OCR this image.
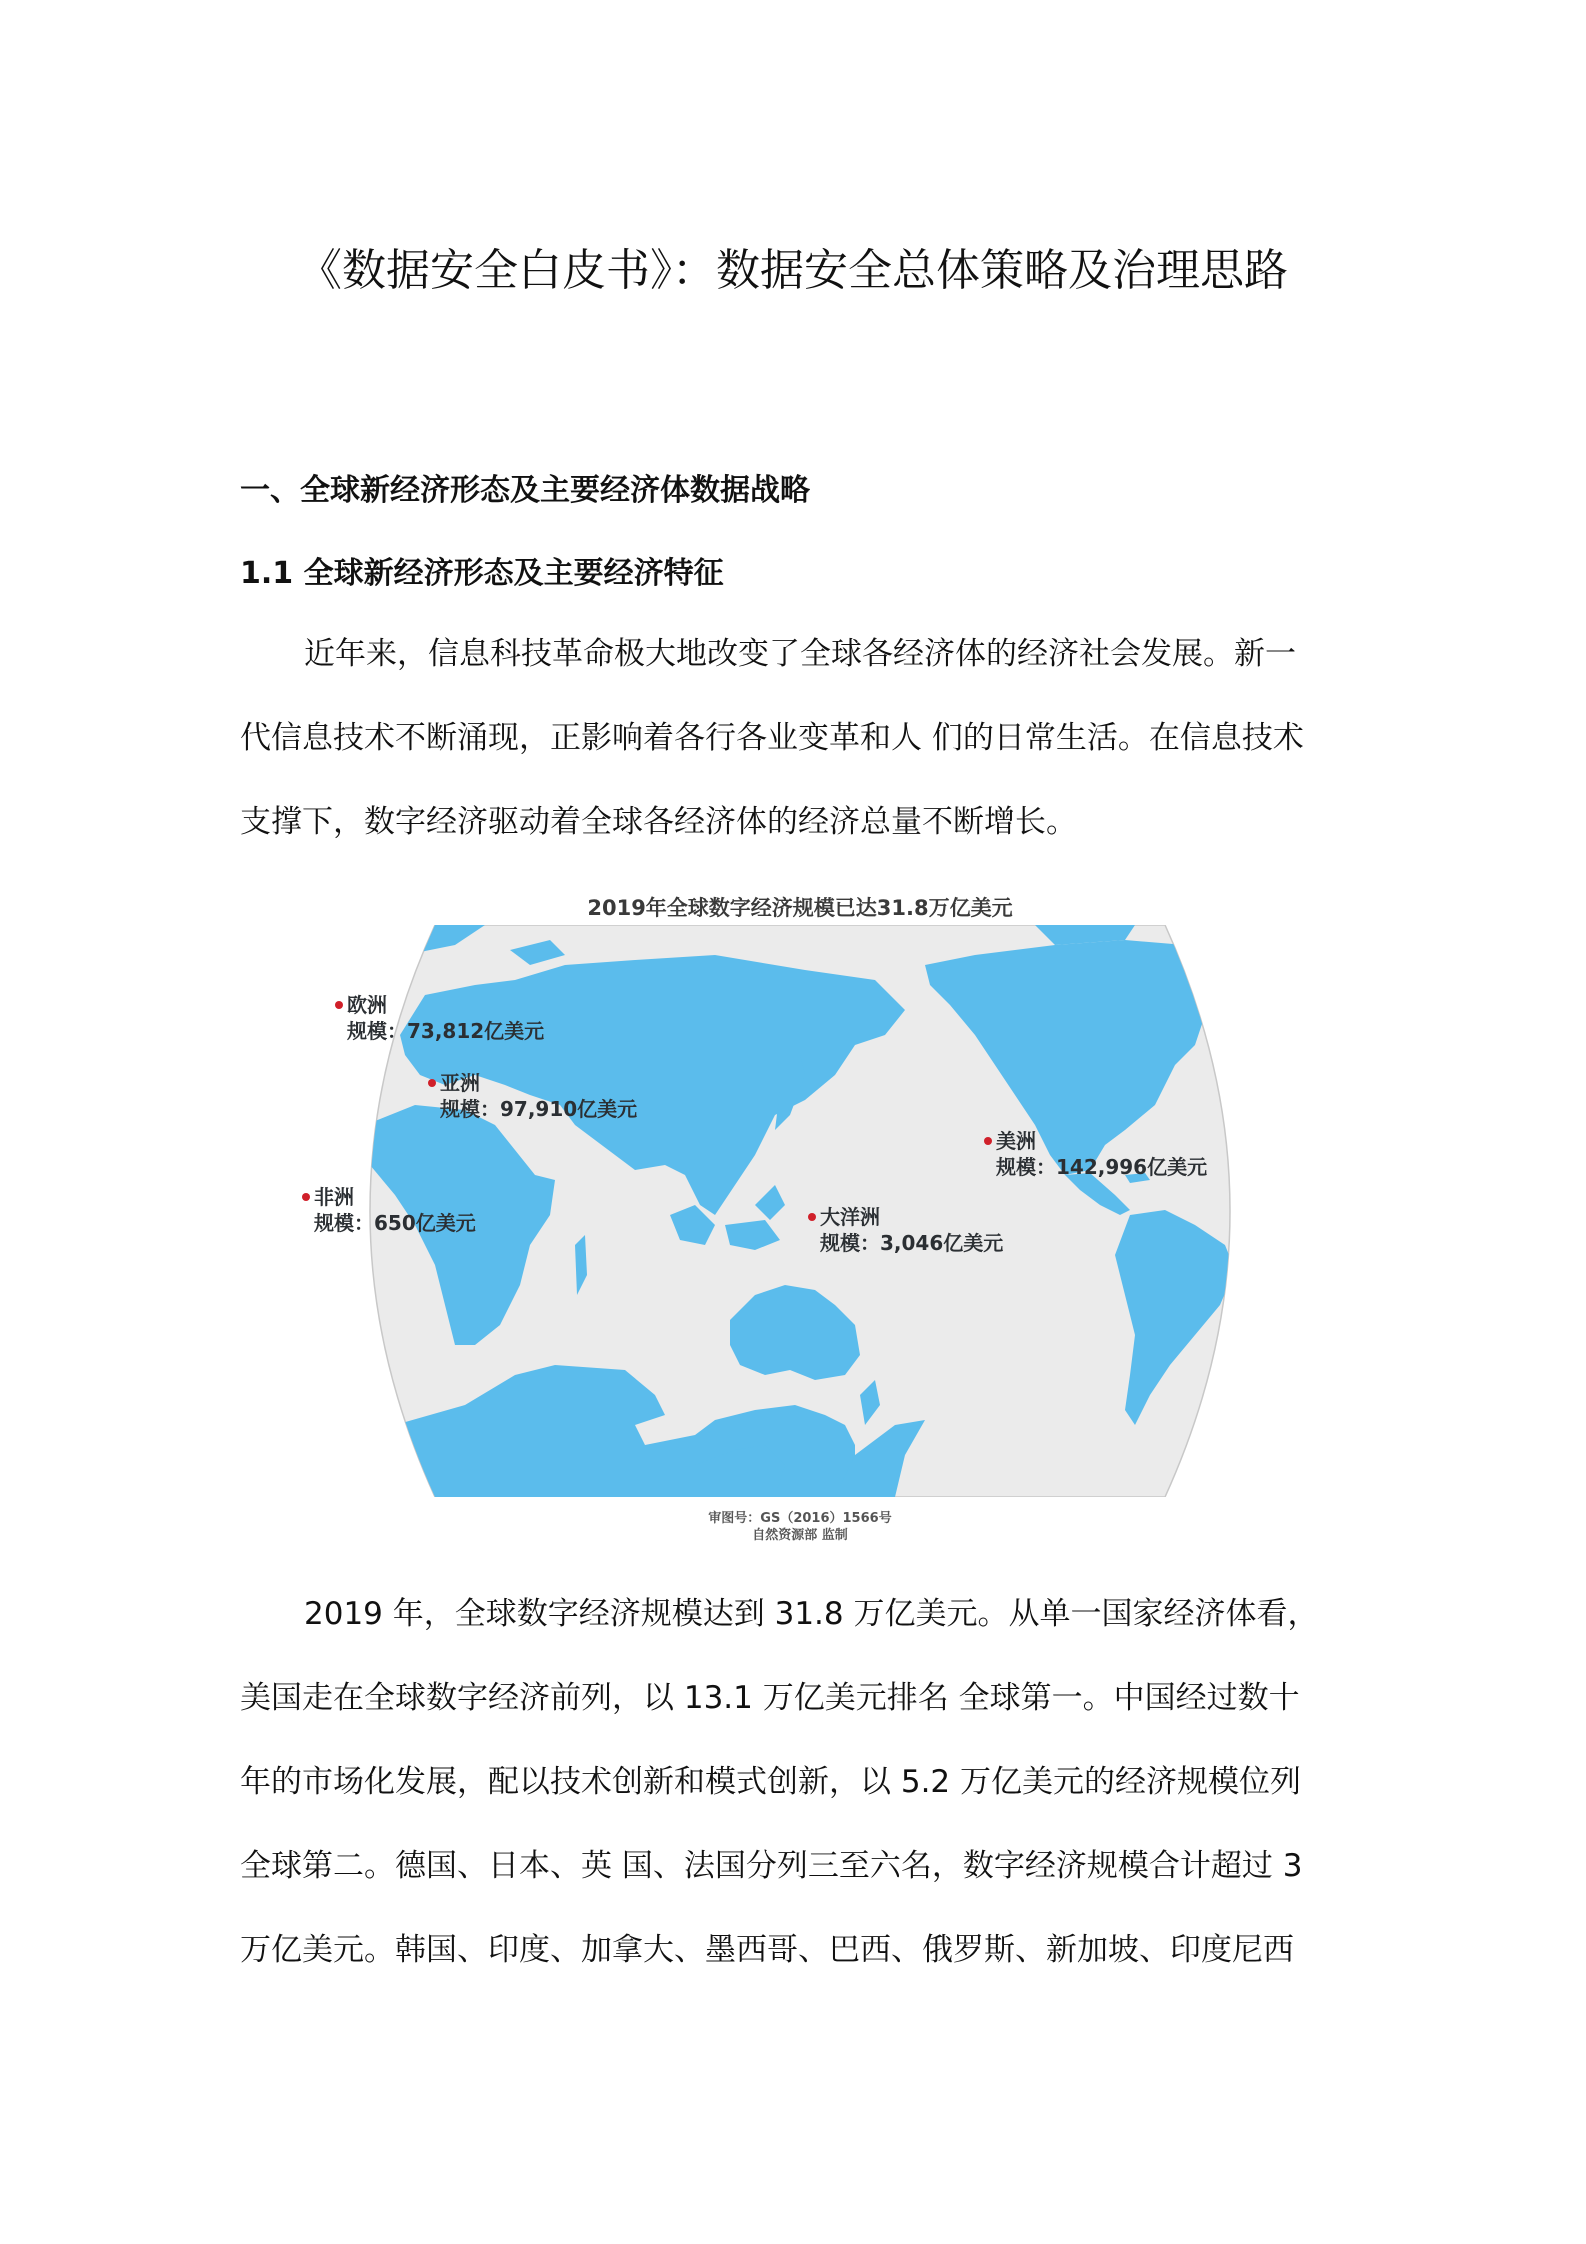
《数据安全白皮书》：数据安全总体策略及治理思路
一、全球新经济形态及主要经济体数据战略
1.1 全球新经济形态及主要经济特征
近年来，信息科技革命极大地改变了全球各经济体的经济社会发展。新一
代信息技术不断涌现，正影响着各行各业变革和人 们的日常生活。在信息技术
支撑下，数字经济驱动着全球各经济体的经济总量不断增长。
2019年全球数字经济规模已达31.8万亿美元
欧洲
规模：73,812亿美元
亚洲
规模：97,910亿美元
美洲
规模：142,996亿美元
非洲
规模：650亿美元	大洋洲
规模：3,046亿美元
审图号：GS（2016）1566号
自然资源部 监制
2019 年，全球数字经济规模达到 31.8 万亿美元。从单一国家经济体看，
美国走在全球数字经济前列，以 13.1 万亿美元排名 全球第一。中国经过数十
年的市场化发展，配以技术创新和模式创新，以 5.2 万亿美元的经济规模位列
全球第二。德国、日本、英 国、法国分列三至六名，数字经济规模合计超过 3
万亿美元。韩国、印度、加拿大、墨西哥、巴西、俄罗斯、新加坡、印度尼西
